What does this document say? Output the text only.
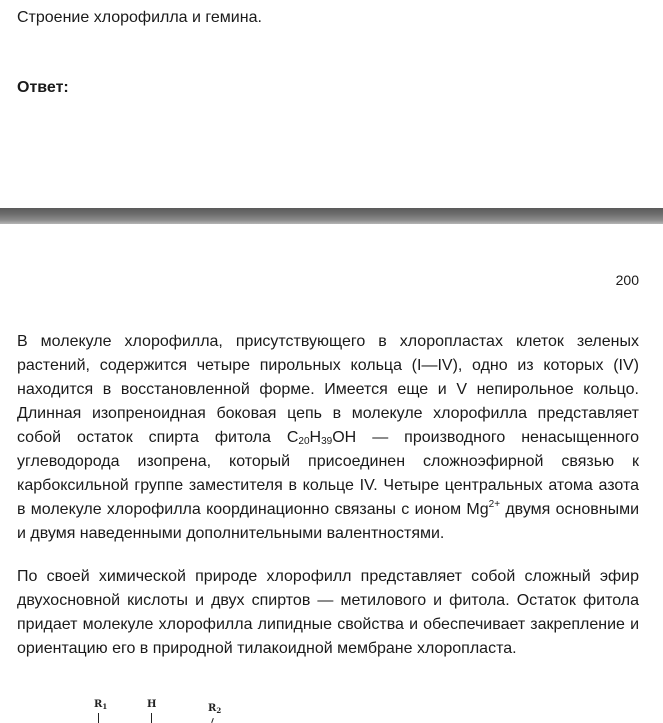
Строение хлорофилла и гемина.

Ответ:

200

В молекуле хлорофилла, присутствующего в хлоропластах клеток зеленых растений, содержится четыре пирольных кольца (I—IV), одно из которых (IV) находится в восстановленной форме. Имеется еще и V непирольное кольцо. Длинная изопреноидная боковая цепь в молекуле хлорофилла представляет собой остаток спирта фитола $C_{20}H_{39}OH$ — производного ненасыщенного углеводорода изопрена, который присоединен сложноэфирной связью к карбоксильной группе заместителя в кольце IV. Четыре центральных атома азота в молекуле хлорофилла координационно связаны с ионом $Mg^{2+}$ двумя основными и двумя наведенными дополнительными валентностями.

По своей химической природе хлорофилл представляет собой сложный эфир двухосновной кислоты и двух спиртов — метилового и фитола. Остаток фитола придает молекуле хлорофилла липидные свойства и обеспечивает закрепление и ориентацию его в природной тилакоидной мембране хлоропласта.

$R_1$	H	$R_2$
